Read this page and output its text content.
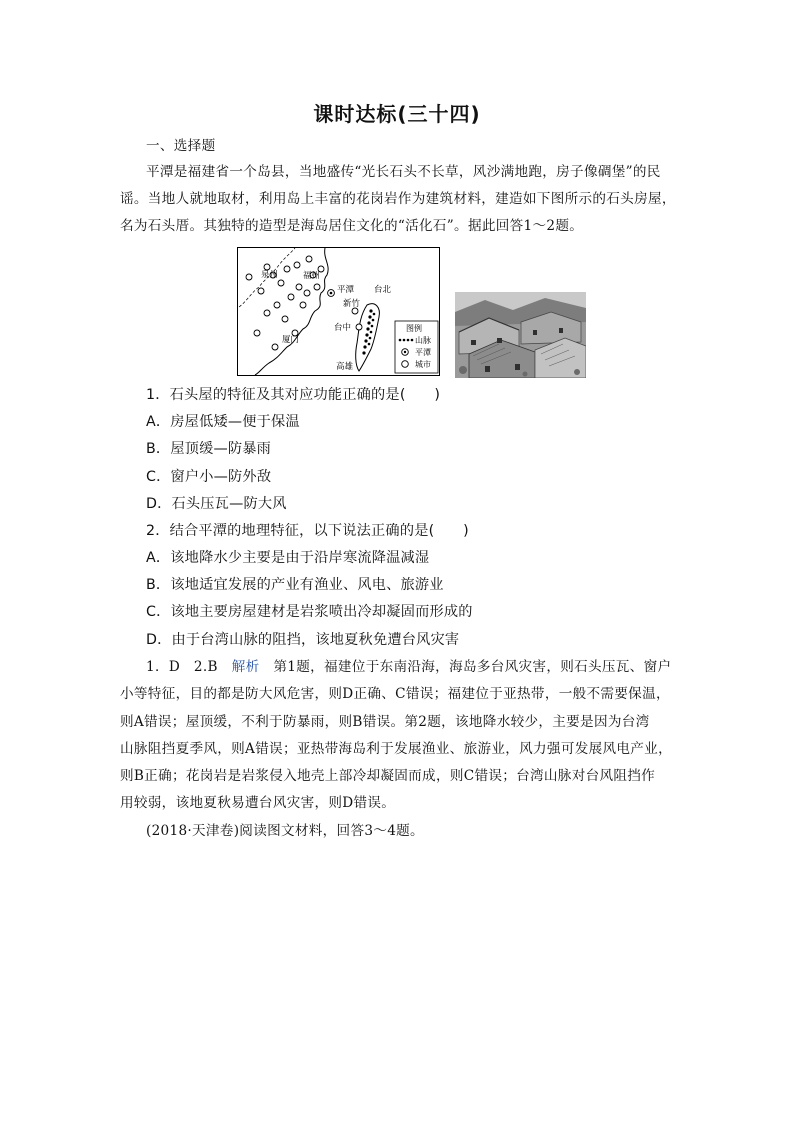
课时达标(三十四)
一、选择题
平潭是福建省一个岛县，当地盛传“光长石头不长草，风沙满地跑，房子像碉堡”的民
谣。当地人就地取材，利用岛上丰富的花岗岩作为建筑材料，建造如下图所示的石头房屋，
名为石头厝。其独特的造型是海岛居住文化的“活化石”。据此回答1～2题。
泉州	福州
平潭 台北
新竹
厦门
台中
高雄
图例
山脉
平潭
城市
1．石头屋的特征及其对应功能正确的是(　　)
A．房屋低矮—便于保温
B．屋顶缓—防暴雨
C．窗户小—防外敌
D．石头压瓦—防大风
2．结合平潭的地理特征，以下说法正确的是(　　)
A．该地降水少主要是由于沿岸寒流降温减湿
B．该地适宜发展的产业有渔业、风电、旅游业
C．该地主要房屋建材是岩浆喷出冷却凝固而形成的
D．由于台湾山脉的阻挡，该地夏秋免遭台风灾害
1．D　2.B　解析　第1题，福建位于东南沿海，海岛多台风灾害，则石头压瓦、窗户
小等特征，目的都是防大风危害，则D正确、C错误；福建位于亚热带，一般不需要保温，
则A错误；屋顶缓，不利于防暴雨，则B错误。第2题，该地降水较少，主要是因为台湾
山脉阻挡夏季风，则A错误；亚热带海岛利于发展渔业、旅游业，风力强可发展风电产业，
则B正确；花岗岩是岩浆侵入地壳上部冷却凝固而成，则C错误；台湾山脉对台风阻挡作
用较弱，该地夏秋易遭台风灾害，则D错误。
(2018·天津卷)阅读图文材料，回答3～4题。
